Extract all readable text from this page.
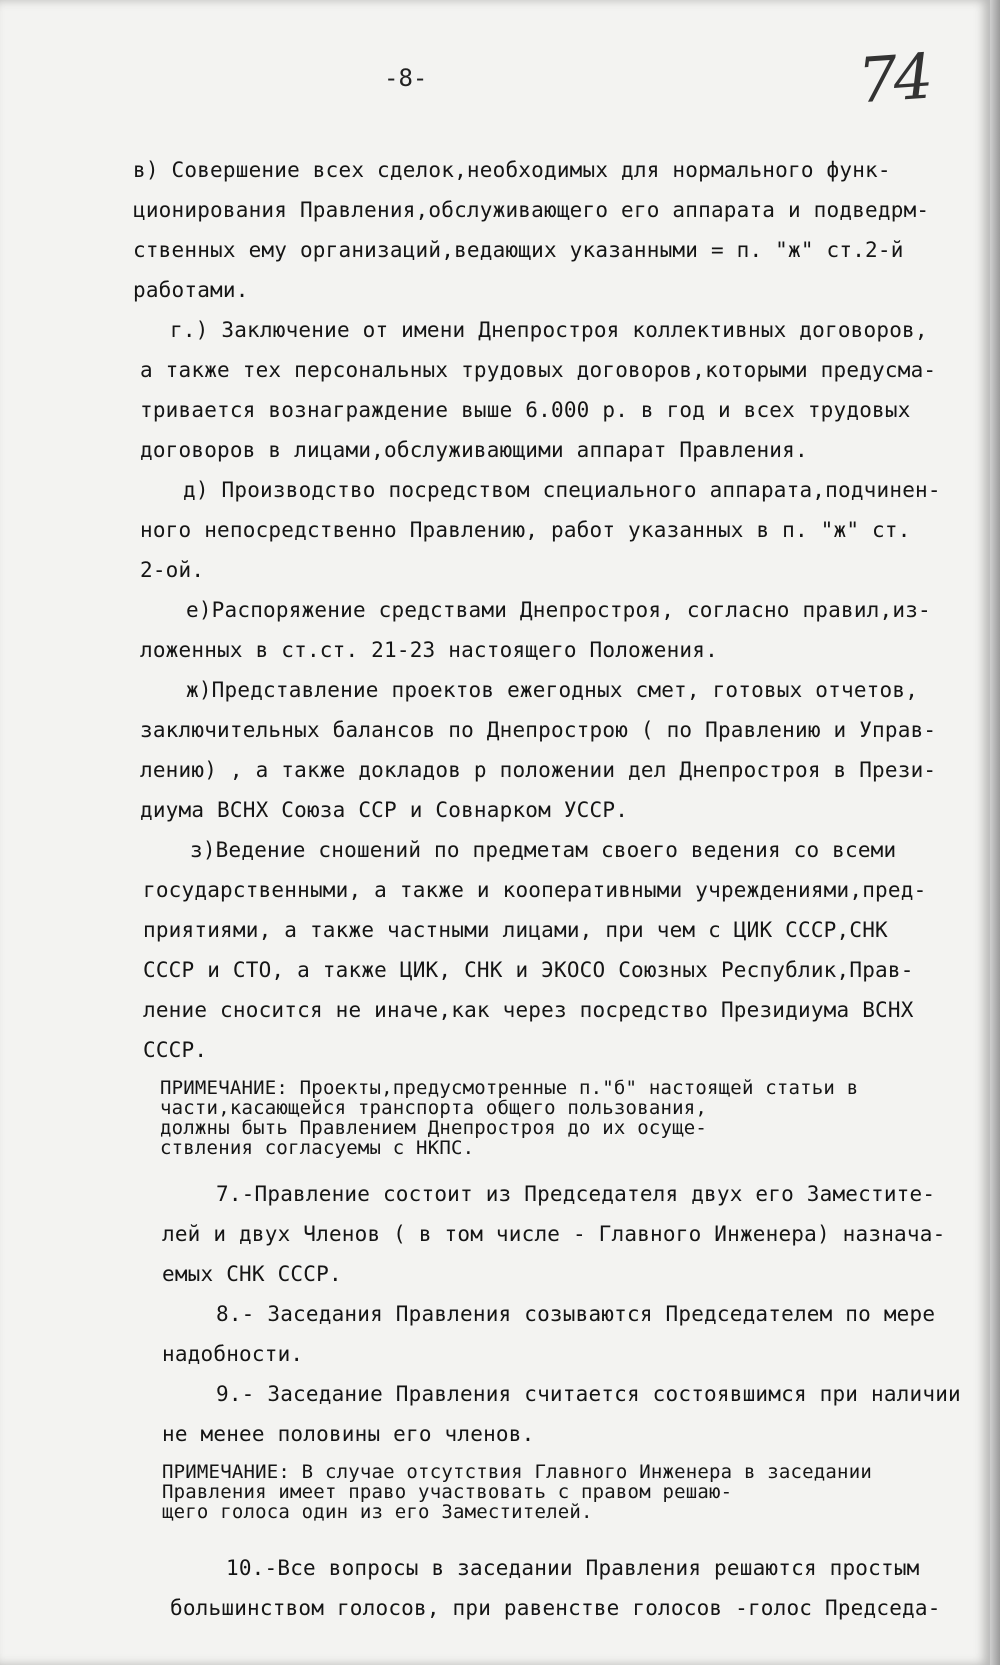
-8-	74
в) Совершение всех сделок,необходимых для нормального функ-
ционирования Правления,обслуживающего его аппарата и подведрм-
ственных ему организаций,ведающих указанными = п. "ж" ст.2-й
работами.
г.) Заключение от имени Днепростроя коллективных договоров,
а также тех персональных трудовых договоров,которыми предусма-
тривается вознаграждение выше 6.000 р. в год и всех трудовых
договоров в лицами,обслуживающими аппарат Правления.
д) Производство посредством специального аппарата,подчинен-
ного непосредственно Правлению, работ указанных в п. "ж" ст.
2-ой.
е)Распоряжение средствами Днепростроя, согласно правил,из-
ложенных в ст.ст. 21-23 настоящего Положения.
ж)Представление проектов ежегодных смет, готовых отчетов,
заключительных балансов по Днепрострою ( по Правлению и Управ-
лению) , а также докладов р положении дел Днепростроя в Прези-
диума ВСНХ Союза ССР и Совнарком УССР.
з)Ведение сношений по предметам своего ведения со всеми
государственными, а также и кооперативными учреждениями,пред-
приятиями, а также частными лицами, при чем с ЦИК СССР,СНК
СССР и СТО, а также ЦИК, СНК и ЭКОСО Союзных Республик,Прав-
ление сносится не иначе,как через посредство Президиума ВСНХ
СССР.
ПРИМЕЧАНИЕ: Проекты,предусмотренные п."б" настоящей статьи в
части,касающейся транспорта общего пользования,
должны быть Правлением Днепростроя до их осуще-
ствления согласуемы с НКПС.
7.-Правление состоит из Председателя двух его Заместите-
лей и двух Членов ( в том числе - Главного Инженера) назнача-
емых СНК СССР.
8.- Заседания Правления созываются Председателем по мере
надобности.
9.- Заседание Правления считается состоявшимся при наличии
не менее половины его членов.
ПРИМЕЧАНИЕ: В случае отсутствия Главного Инженера в заседании
Правления имеет право участвовать с правом решаю-
щего голоса один из его Заместителей.
10.-Все вопросы в заседании Правления решаются простым
большинством голосов, при равенстве голосов -голос Председа-
